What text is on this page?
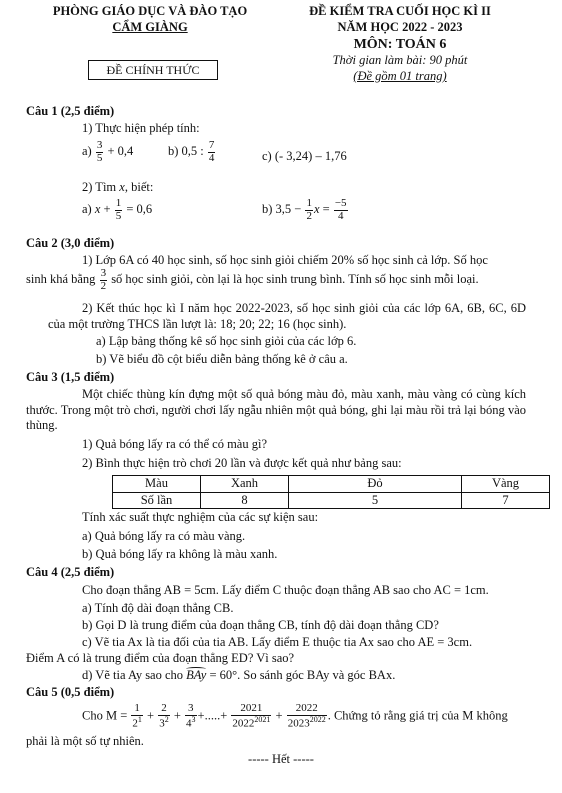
PHÒNG GIÁO DỤC VÀ ĐÀO TẠO
CẨM GIÀNG
ĐỀ CHÍNH THỨC
ĐỀ KIỂM TRA CUỐI HỌC KÌ II
NĂM HỌC 2022 - 2023
MÔN: TOÁN 6
Thời gian làm bài: 90 phút
(Đề gồm 01 trang)
Câu 1 (2,5 điểm)
1) Thực hiện phép tính:
$a) \frac{3}{5} + 0,4$	b) 0,5 : $\frac{7}{4}$	c) (- 3,24) – 1,76
2) Tìm x, biết:
a) $x + \frac{1}{5} = 0,6$	b) $3,5 - \frac{1}{2}$ $x = \frac{-5}{4}$
Câu 2 (3,0 điểm)
1) Lớp 6A có 40 học sinh, số học sinh giỏi chiếm 20% số học sinh cả lớp. Số học
sinh khá bằng $\frac{3}{2}$ số học sinh giỏi, còn lại là học sinh trung bình. Tính số học sinh mỗi loại.
2) Kết thúc học kì I năm học 2022-2023, số học sinh giỏi của các lớp 6A, 6B, 6C, 6D của một trường THCS lần lượt là: 18; 20; 22; 16 (học sinh).
a) Lập bảng thống kê số học sinh giỏi của các lớp 6.
b) Vẽ biểu đồ cột biểu diễn bảng thống kê ở câu a.
Câu 3 (1,5 điểm)
Một chiếc thùng kín đựng một số quả bóng màu đỏ, màu xanh, màu vàng có cùng kích thước. Trong một trò chơi, người chơi lấy ngẫu nhiên một quả bóng, ghi lại màu rồi trả lại bóng vào thùng.
1) Quả bóng lấy ra có thể có màu gì?
2) Bình thực hiện trò chơi 20 lần và được kết quả như bảng sau:
Màu	Xanh	Đỏ	Vàng
Số lần	8	5	7
Tính xác suất thực nghiệm của các sự kiện sau:
a) Quả bóng lấy ra có màu vàng.
b) Quả bóng lấy ra không là màu xanh.
Câu 4 (2,5 điểm)
Cho đoạn thẳng AB = 5cm. Lấy điểm C thuộc đoạn thẳng AB sao cho AC = 1cm.
a) Tính độ dài đoạn thẳng CB.
b) Gọi D là trung điểm của đoạn thẳng CB, tính độ dài đoạn thẳng CD?
c) Vẽ tia Ax là tia đối của tia AB. Lấy điểm E thuộc tia Ax sao cho AE = 3cm.
Điểm A có là trung điểm của đoạn thẳng ED? Vì sao?
d) Vẽ tia Ay sao cho BAy = 60°. So sánh góc BAy và góc BAx.
Câu 5 (0,5 điểm)
Cho $M = \frac{1}{2^1} + \frac{2}{3^2} + \frac{3}{4^3}$ +.....+ $\frac{2021}{2022^{2021}} + \frac{2022}{2023^{2022}}$ . Chứng tỏ rằng giá trị của M không
phải là một số tự nhiên.
----- Hết -----
